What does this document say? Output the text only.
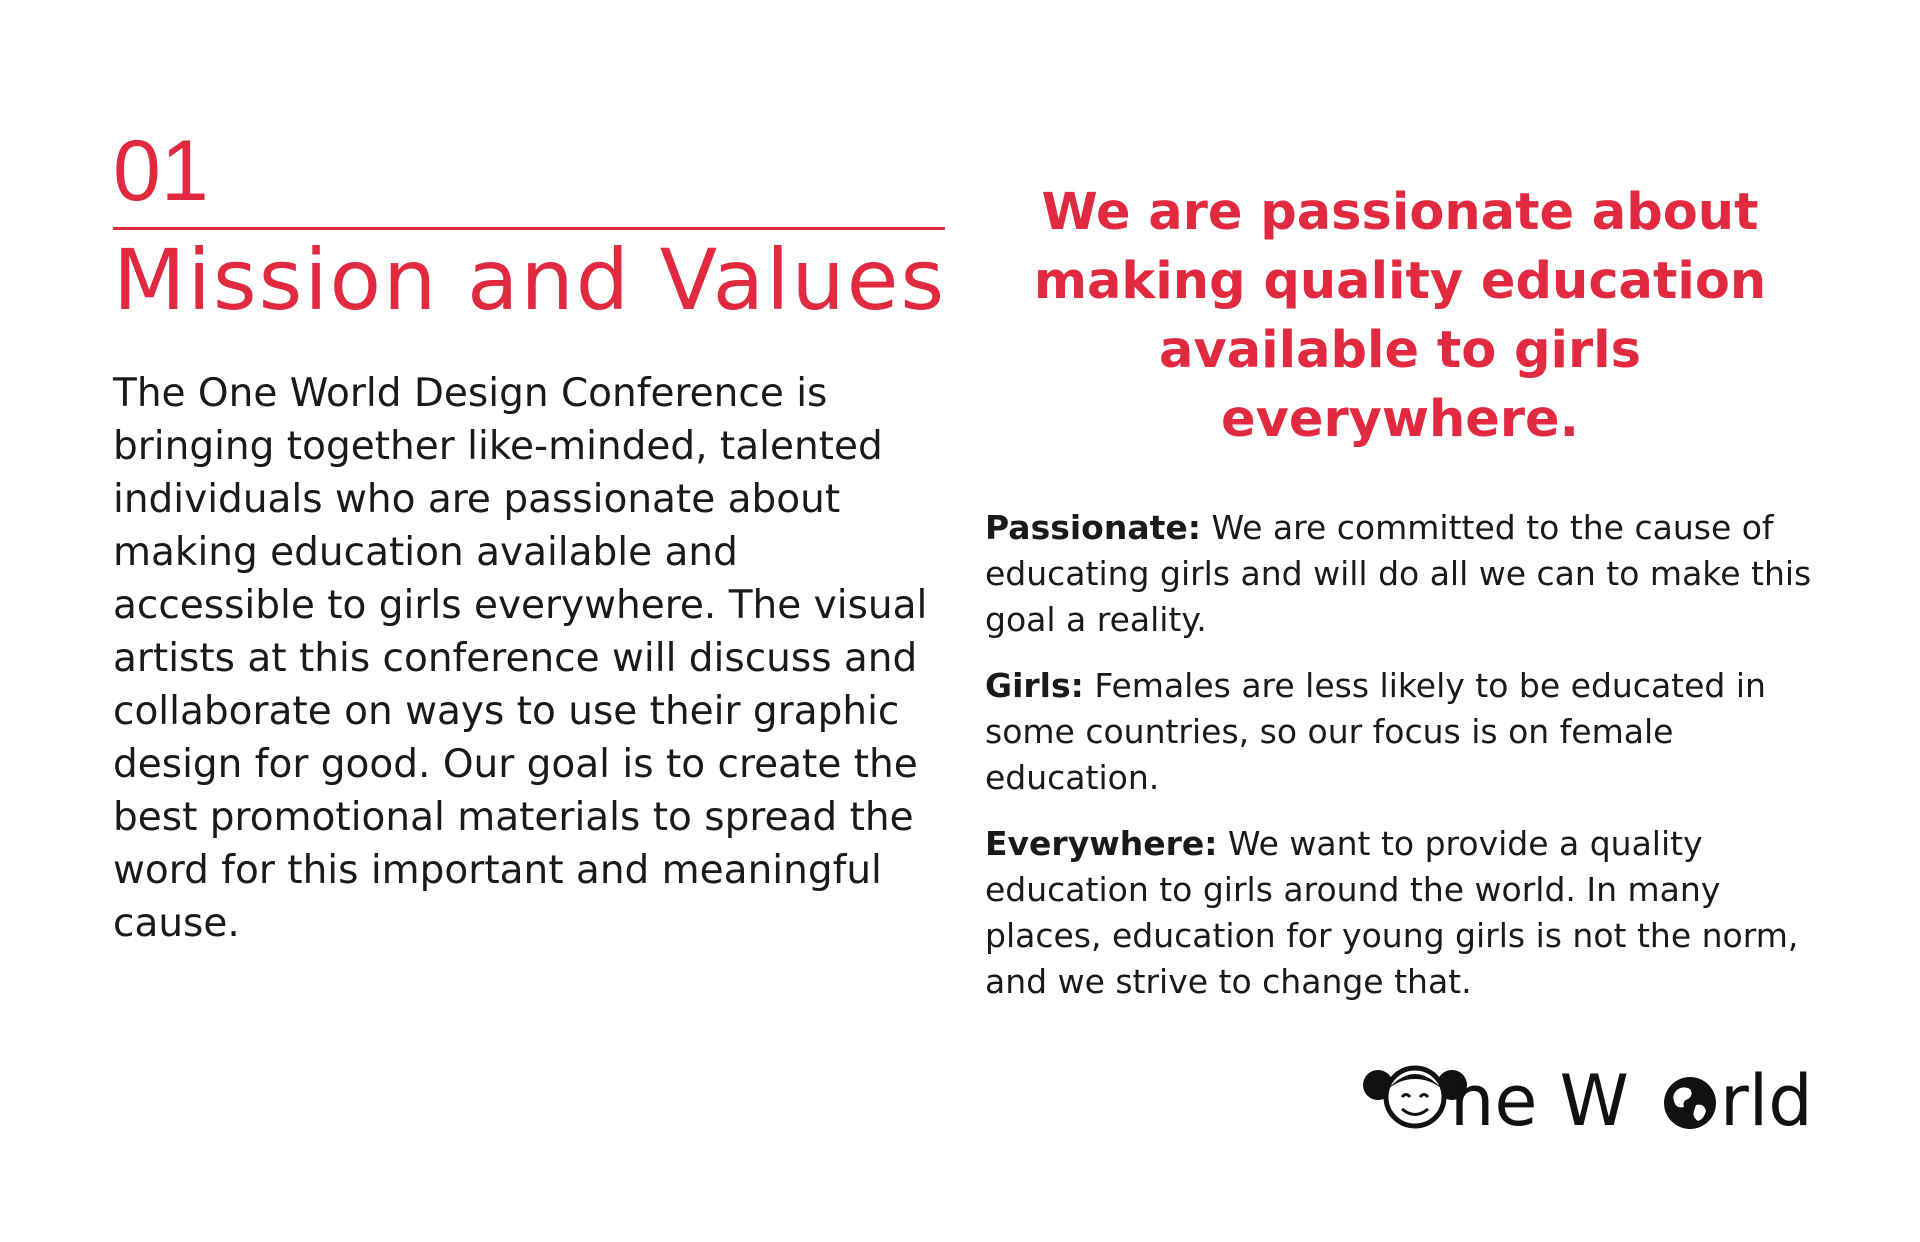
01
Mission and Values

The One World Design Conference is bringing together like-minded, talented individuals who are passionate about making education available and accessible to girls everywhere. The visual artists at this conference will discuss and collaborate on ways to use their graphic design for good. Our goal is to create the best promotional materials to spread the word for this important and meaningful cause.

We are passionate about making quality education available to girls everywhere.

Passionate: We are committed to the cause of educating girls and will do all we can to make this goal a reality.

Girls: Females are less likely to be educated in some countries, so our focus is on female education.

Everywhere: We want to provide a quality education to girls around the world. In many places, education for young girls is not the norm, and we strive to change that.

ne W rld
